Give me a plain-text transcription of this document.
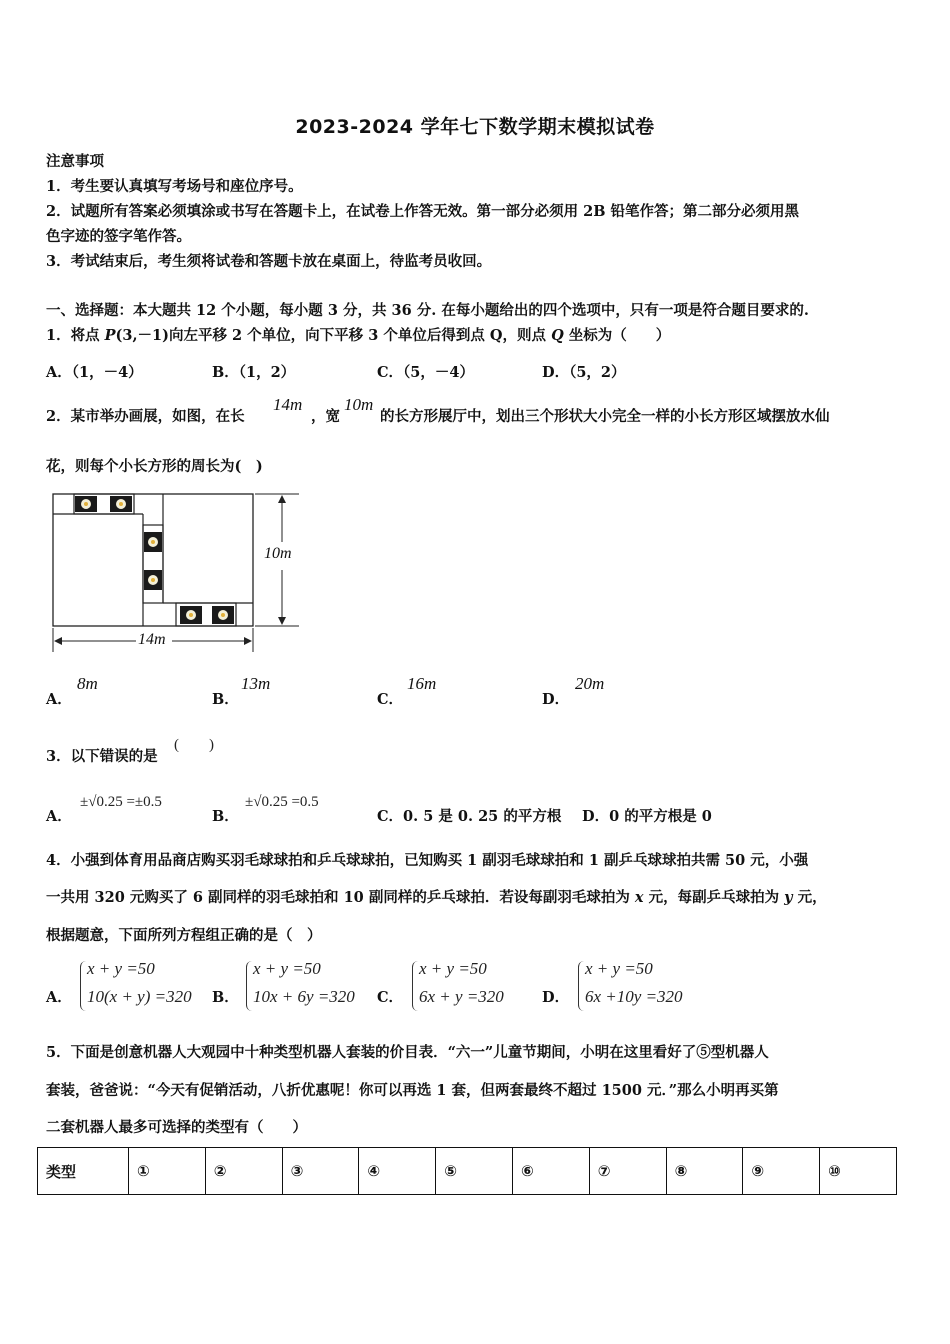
2023-2024 学年七下数学期末模拟试卷
注意事项
1．考生要认真填写考场号和座位序号。
2．试题所有答案必须填涂或书写在答题卡上，在试卷上作答无效。第一部分必须用 2B 铅笔作答；第二部分必须用黑
色字迹的签字笔作答。
3．考试结束后，考生须将试卷和答题卡放在桌面上，待监考员收回。
一、选择题：本大题共 12 个小题，每小题 3 分，共 36 分. 在每小题给出的四个选项中，只有一项是符合题目要求的.
1．将点 P(3,－1)向左平移 2 个单位，向下平移 3 个单位后得到点 Q，则点 Q 坐标为（　　）
A．（1，－4）	B．（1，2）	C．（5，－4）	D．（5，2）
2．某市举办画展，如图，在长
14m
，宽
10m
的长方形展厅中，划出三个形状大小完全一样的小长方形区域摆放水仙
花，则每个小长方形的周长为(　)
10m
14m
A．
8m
B．
13m
C．
16m
D．
20m
3．以下错误的是
(　　)
A．
±√0.25 =±0.5
B．
±√0.25 =0.5
C．0. 5 是 0. 25 的平方根 D．0 的平方根是 0
4．小强到体育用品商店购买羽毛球球拍和乒乓球球拍，已知购买 1 副羽毛球球拍和 1 副乒乓球球拍共需 50 元，小强
一共用 320 元购买了 6 副同样的羽毛球拍和 10 副同样的乒乓球拍．若设每副羽毛球拍为 x 元，每副乒乓球拍为 y 元，
根据题意，下面所列方程组正确的是（　）
A．
x + y =50
10(x + y) =320 B．
x + y =50
10x + 6y =320 C．
x + y =50
6x + y =320	D．
x + y =50
6x +10y =320
5．下面是创意机器人大观园中十种类型机器人套装的价目表．“六一”儿童节期间，小明在这里看好了⑤型机器人
套装，爸爸说：“今天有促销活动，八折优惠呢！你可以再选 1 套，但两套最终不超过 1500 元．”那么小明再买第
二套机器人最多可选择的类型有（　　）
类型	①	②	③	④	⑤	⑥	⑦	⑧	⑨	⑩
